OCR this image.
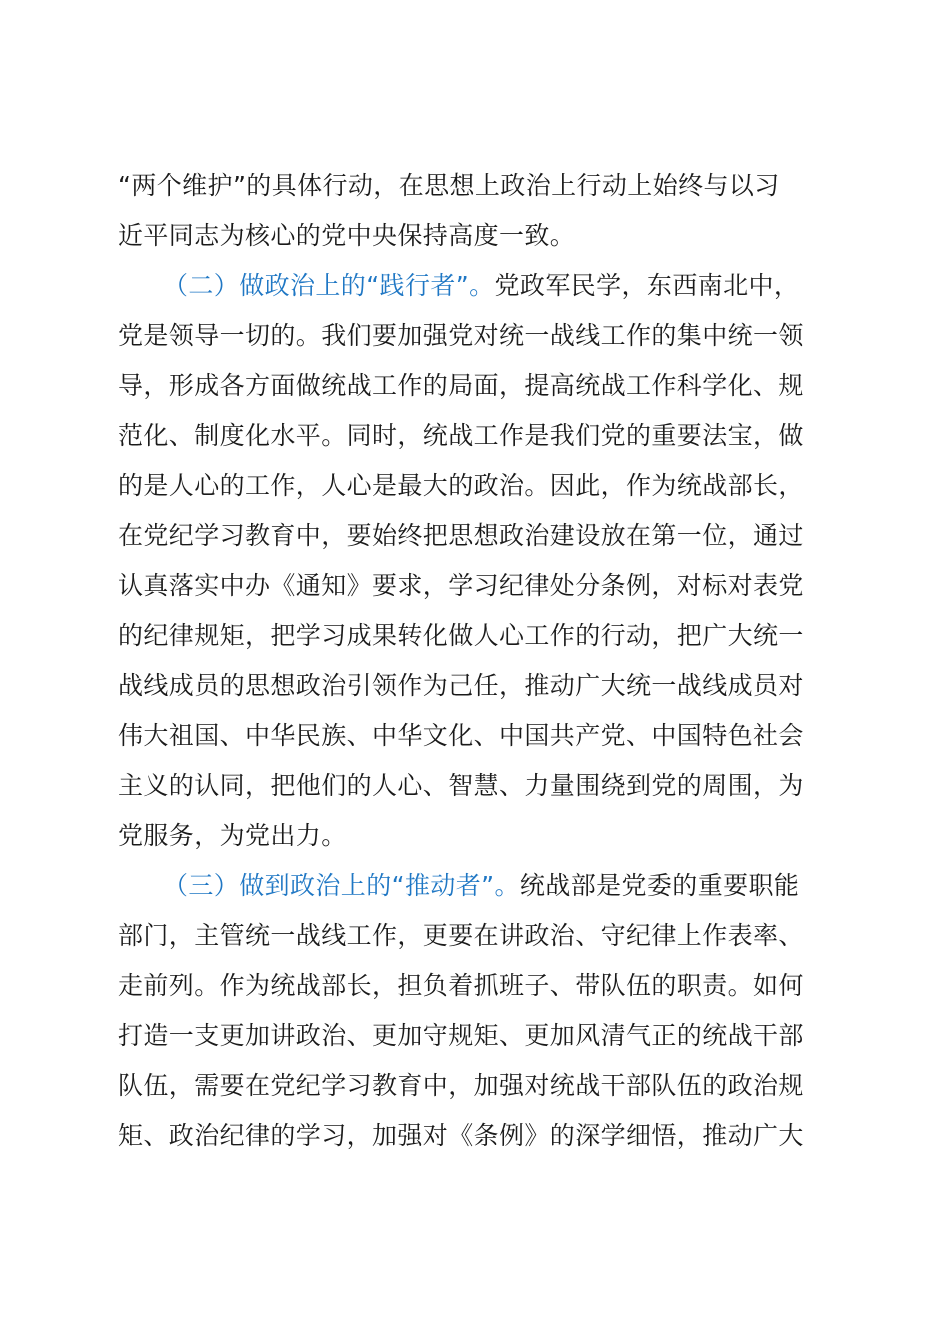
“两个维护”的具体行动，在思想上政治上行动上始终与以习
近平同志为核心的党中央保持高度一致。
（二）做政治上的“践行者”。党政军民学，东西南北中，
党是领导一切的。我们要加强党对统一战线工作的集中统一领
导，形成各方面做统战工作的局面，提高统战工作科学化、规
范化、制度化水平。同时，统战工作是我们党的重要法宝，做
的是人心的工作，人心是最大的政治。因此，作为统战部长，
在党纪学习教育中，要始终把思想政治建设放在第一位，通过
认真落实中办《通知》要求，学习纪律处分条例，对标对表党
的纪律规矩，把学习成果转化做人心工作的行动，把广大统一
战线成员的思想政治引领作为己任，推动广大统一战线成员对
伟大祖国、中华民族、中华文化、中国共产党、中国特色社会
主义的认同，把他们的人心、智慧、力量围绕到党的周围，为
党服务，为党出力。
（三）做到政治上的“推动者”。统战部是党委的重要职能
部门，主管统一战线工作，更要在讲政治、守纪律上作表率、
走前列。作为统战部长，担负着抓班子、带队伍的职责。如何
打造一支更加讲政治、更加守规矩、更加风清气正的统战干部
队伍，需要在党纪学习教育中，加强对统战干部队伍的政治规
矩、政治纪律的学习，加强对《条例》的深学细悟，推动广大
